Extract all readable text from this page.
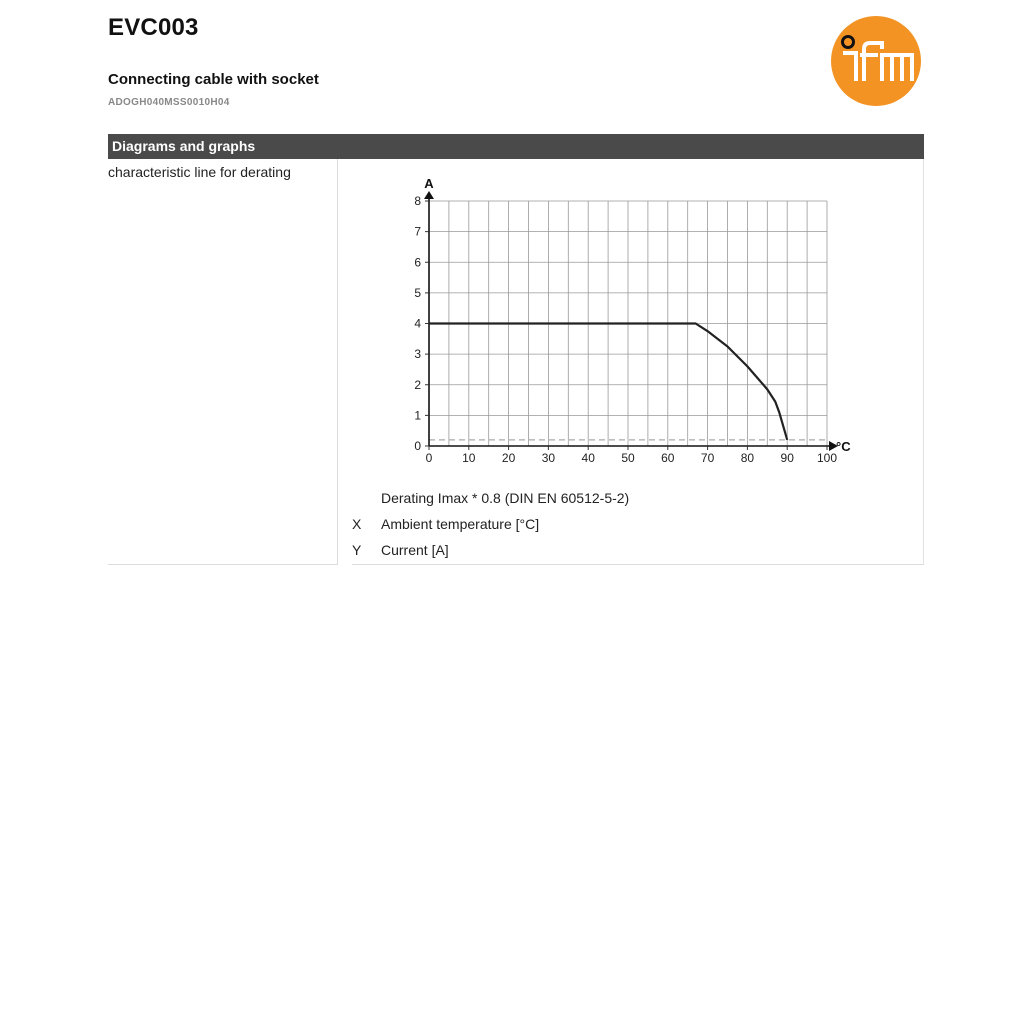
EVC003
Connecting cable with socket
ADOGH040MSS0010H04
Diagrams and graphs
characteristic line for derating
0 10 20 30 40 50 60 70 80 90 100
0
1
2
3
4
5
6
7
8
A
°C
Derating Imax * 0.8 (DIN EN 60512-5-2)
X Ambient temperature [°C]
Y Current [A]
